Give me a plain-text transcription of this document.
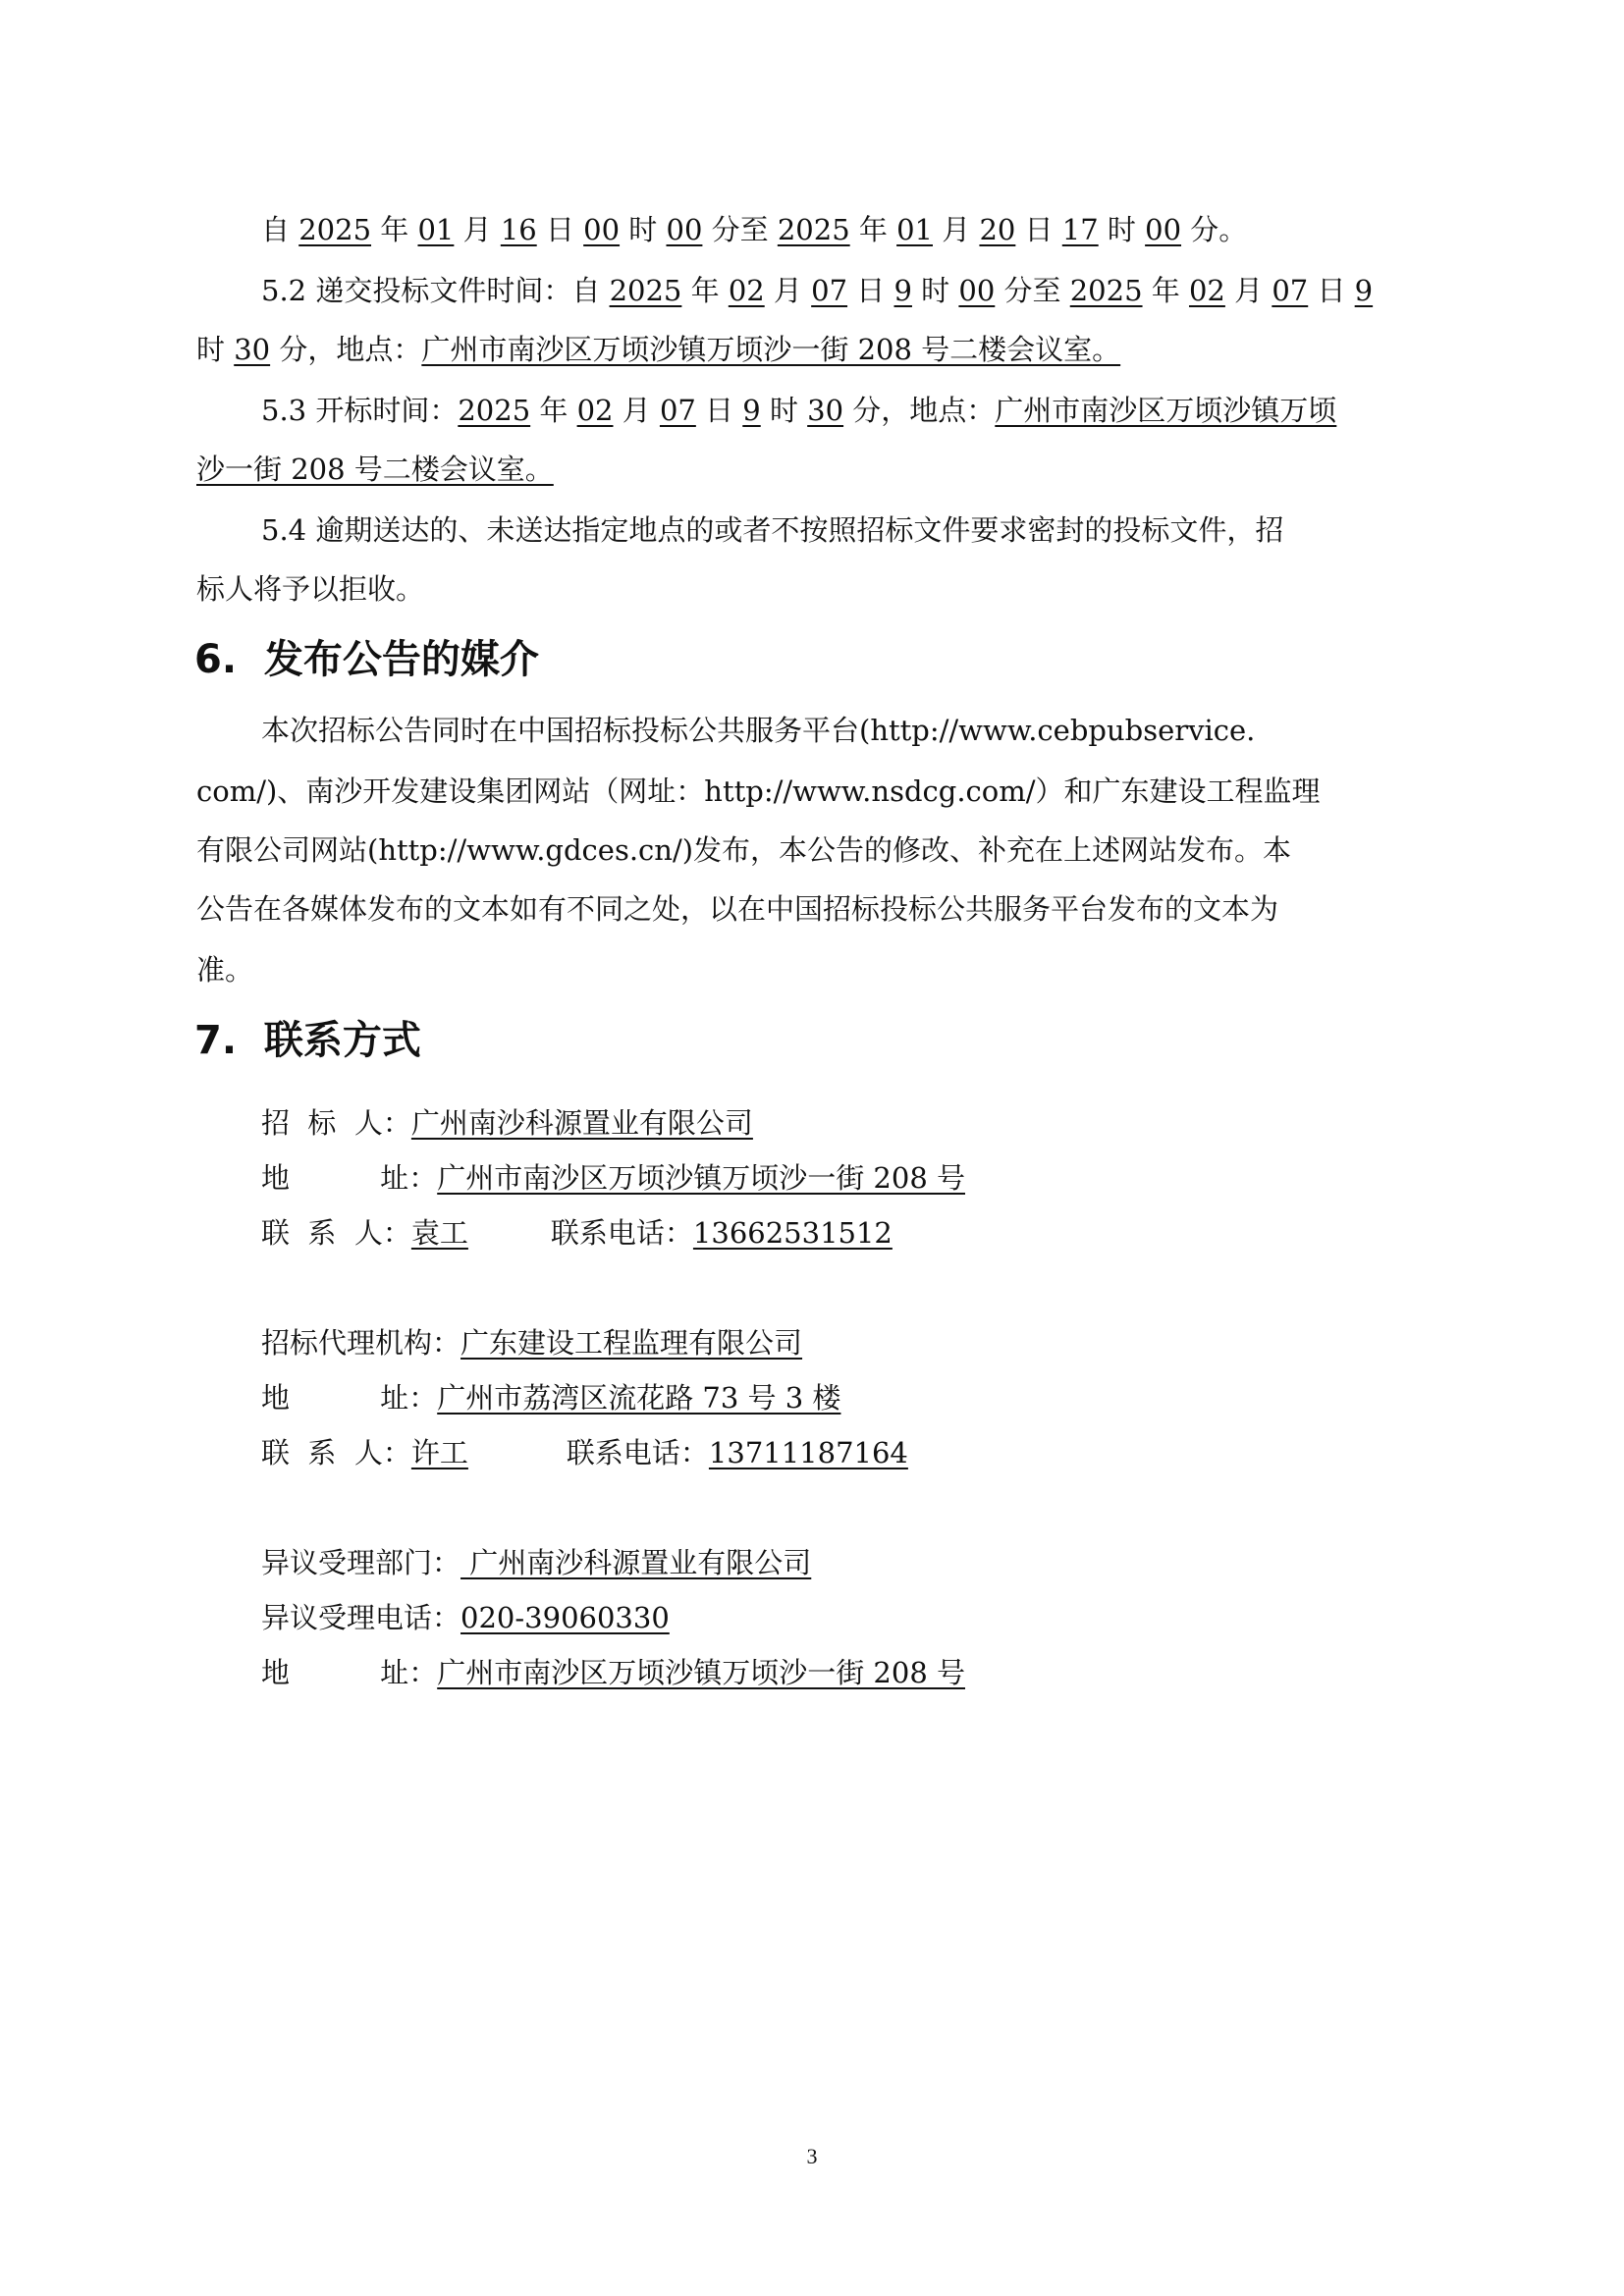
自 2025 年 01 月 16 日 00 时 00 分至 2025 年 01 月 20 日 17 时 00 分。
5.2 递交投标文件时间：自 2025 年 02 月 07 日 9 时 00 分至 2025 年 02 月 07 日 9
时 30 分，地点：广州市南沙区万顷沙镇万顷沙一街 208 号二楼会议室。
5.3 开标时间：2025 年 02 月 07 日 9 时 30 分，地点：广州市南沙区万顷沙镇万顷
沙一街 208 号二楼会议室。
5.4 逾期送达的、未送达指定地点的或者不按照招标文件要求密封的投标文件，招
标人将予以拒收。
6.  发布公告的媒介
本次招标公告同时在中国招标投标公共服务平台(http://www.cebpubservice.
com/)、南沙开发建设集团网站（网址：http://www.nsdcg.com/）和广东建设工程监理
有限公司网站(http://www.gdces.cn/)发布，本公告的修改、补充在上述网站发布。本
公告在各媒体发布的文本如有不同之处，以在中国招标投标公共服务平台发布的文本为
准。
7.  联系方式
招  标  人：广州南沙科源置业有限公司
地          址：广州市南沙区万顷沙镇万顷沙一街 208 号
联  系  人：袁工	联系电话：13662531512
招标代理机构：广东建设工程监理有限公司
地          址：广州市荔湾区流花路 73 号 3 楼
联  系  人：许工	联系电话：13711187164
异议受理部门： 广州南沙科源置业有限公司
异议受理电话：020-39060330
地          址：广州市南沙区万顷沙镇万顷沙一街 208 号
3
